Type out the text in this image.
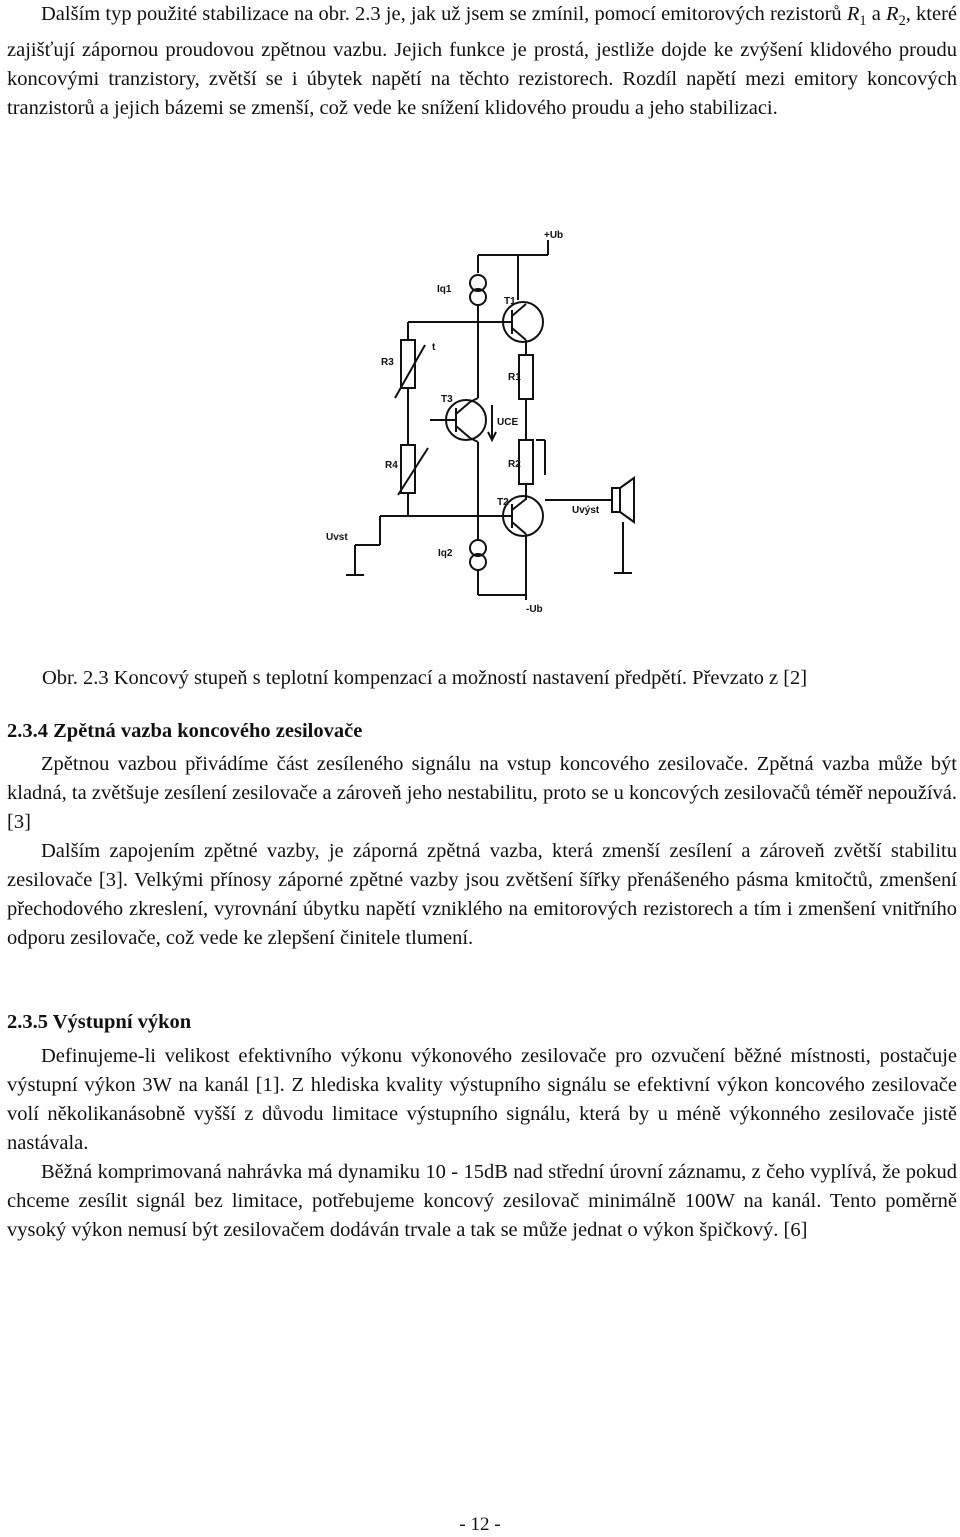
Dalším typ použité stabilizace na obr. 2.3 je, jak už jsem se zmínil, pomocí emitorových rezistorů $R_1$ a $R_2$, které zajišťují zápornou proudovou zpětnou vazbu. Jejich funkce je prostá, jestliže dojde ke zvýšení klidového proudu koncovými tranzistory, zvětší se i úbytek napětí na těchto rezistorech. Rozdíl napětí mezi emitory koncových tranzistorů a jejich bázemi se zmenší, což vede ke snížení klidového proudu a jeho stabilizaci.

+Ub
-Ub
Iq1
Iq2
T1
T2
T3
R1
R2
R3
R4
UCE
Uvst
Uvýst
t

Obr. 2.3 Koncový stupeň s teplotní kompenzací a možností nastavení předpětí. Převzato z [2]

2.3.4 Zpětná vazba koncového zesilovače

Zpětnou vazbou přivádíme část zesíleného signálu na vstup koncového zesilovače. Zpětná vazba může být kladná, ta zvětšuje zesílení zesilovače a zároveň jeho nestabilitu, proto se u koncových zesilovačů téměř nepoužívá. [3]

Dalším zapojením zpětné vazby, je záporná zpětná vazba, která zmenší zesílení a zároveň zvětší stabilitu zesilovače [3]. Velkými přínosy záporné zpětné vazby jsou zvětšení šířky přenášeného pásma kmitočtů, zmenšení přechodového zkreslení, vyrovnání úbytku napětí vzniklého na emitorových rezistorech a tím i zmenšení vnitřního odporu zesilovače, což vede ke zlepšení činitele tlumení.

2.3.5 Výstupní výkon

Definujeme-li velikost efektivního výkonu výkonového zesilovače pro ozvučení běžné místnosti, postačuje výstupní výkon 3W na kanál [1]. Z hlediska kvality výstupního signálu se efektivní výkon koncového zesilovače volí několikanásobně vyšší z důvodu limitace výstupního signálu, která by u méně výkonného zesilovače jistě nastávala.

Běžná komprimovaná nahrávka má dynamiku 10 - 15dB nad střední úrovní záznamu, z čeho vyplívá, že pokud chceme zesílit signál bez limitace, potřebujeme koncový zesilovač minimálně 100W na kanál. Tento poměrně vysoký výkon nemusí být zesilovačem dodáván trvale a tak se může jednat o výkon špičkový. [6]

- 12 -
